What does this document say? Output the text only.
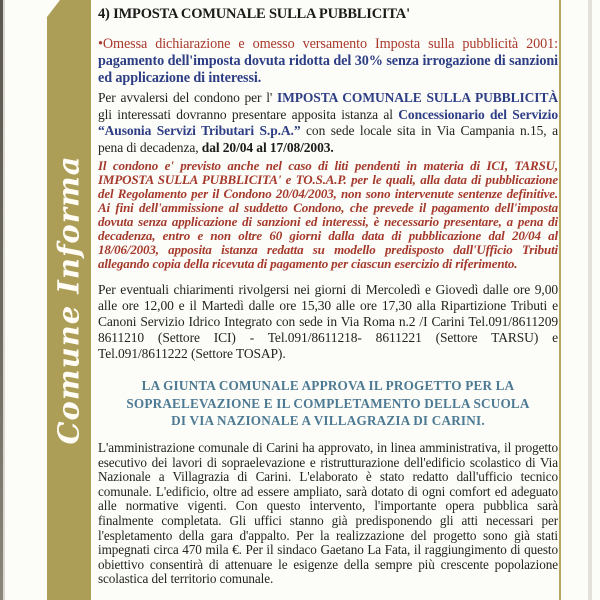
Comune Informa
4) IMPOSTA COMUNALE SULLA PUBBLICITA'
•Omessa dichiarazione e omesso versamento Imposta sulla pubblicità 2001: pagamento dell'imposta dovuta ridotta del 30% senza irrogazione di sanzioni ed applicazione di interessi.
Per avvalersi del condono per l' IMPOSTA COMUNALE SULLA PUBBLICITÀ gli interessati dovranno presentare apposita istanza al Concessionario del Servizio “Ausonia Servizi Tributari S.p.A.” con sede locale sita in Via Campania n.15, a pena di decadenza, dal 20/04 al 17/08/2003.
Il condono e' previsto anche nel caso di liti pendenti in materia di ICI, TARSU, IMPOSTA SULLA PUBBLICITA' e TO.S.A.P. per le quali, alla data di pubblicazione del Regolamento per il Condono 20/04/2003, non sono intervenute sentenze definitive. Ai fini dell'ammissione al suddetto Condono, che prevede il pagamento dell'imposta dovuta senza applicazione di sanzioni ed interessi, è necessario presentare, a pena di decadenza, entro e non oltre 60 giorni dalla data di pubblicazione dal 20/04 al 18/06/2003, apposita istanza redatta su modello predisposto dall'Ufficio Tributi allegando copia della ricevuta di pagamento per ciascun esercizio di riferimento.
Per eventuali chiarimenti rivolgersi nei giorni di Mercoledì e Giovedì dalle ore 9,00 alle ore 12,00 e il Martedì dalle ore 15,30 alle ore 17,30 alla Ripartizione Tributi e Canoni Servizio Idrico Integrato con sede in Via Roma n.2 /I Carini Tel.091/8611209 8611210 (Settore ICI) - Tel.091/8611218- 8611221 (Settore TARSU) e Tel.091/8611222 (Settore TOSAP).
LA GIUNTA COMUNALE APPROVA IL PROGETTO PER LA
SOPRAELEVAZIONE E IL COMPLETAMENTO DELLA SCUOLA
DI VIA NAZIONALE A VILLAGRAZIA DI CARINI.
L'amministrazione comunale di Carini ha approvato, in linea amministrativa, il progetto esecutivo dei lavori di sopraelevazione e ristrutturazione dell'edificio scolastico di Via Nazionale a Villagrazia di Carini. L'elaborato è stato redatto dall'ufficio tecnico comunale. L'edificio, oltre ad essere ampliato, sarà dotato di ogni comfort ed adeguato alle normative vigenti. Con questo intervento, l'importante opera pubblica sarà finalmente completata. Gli uffici stanno già predisponendo gli atti necessari per l'espletamento della gara d'appalto. Per la realizzazione del progetto sono già stati impegnati circa 470 mila €. Per il sindaco Gaetano La Fata, il raggiungimento di questo obiettivo consentirà di attenuare le esigenze della sempre più crescente popolazione scolastica del territorio comunale.
